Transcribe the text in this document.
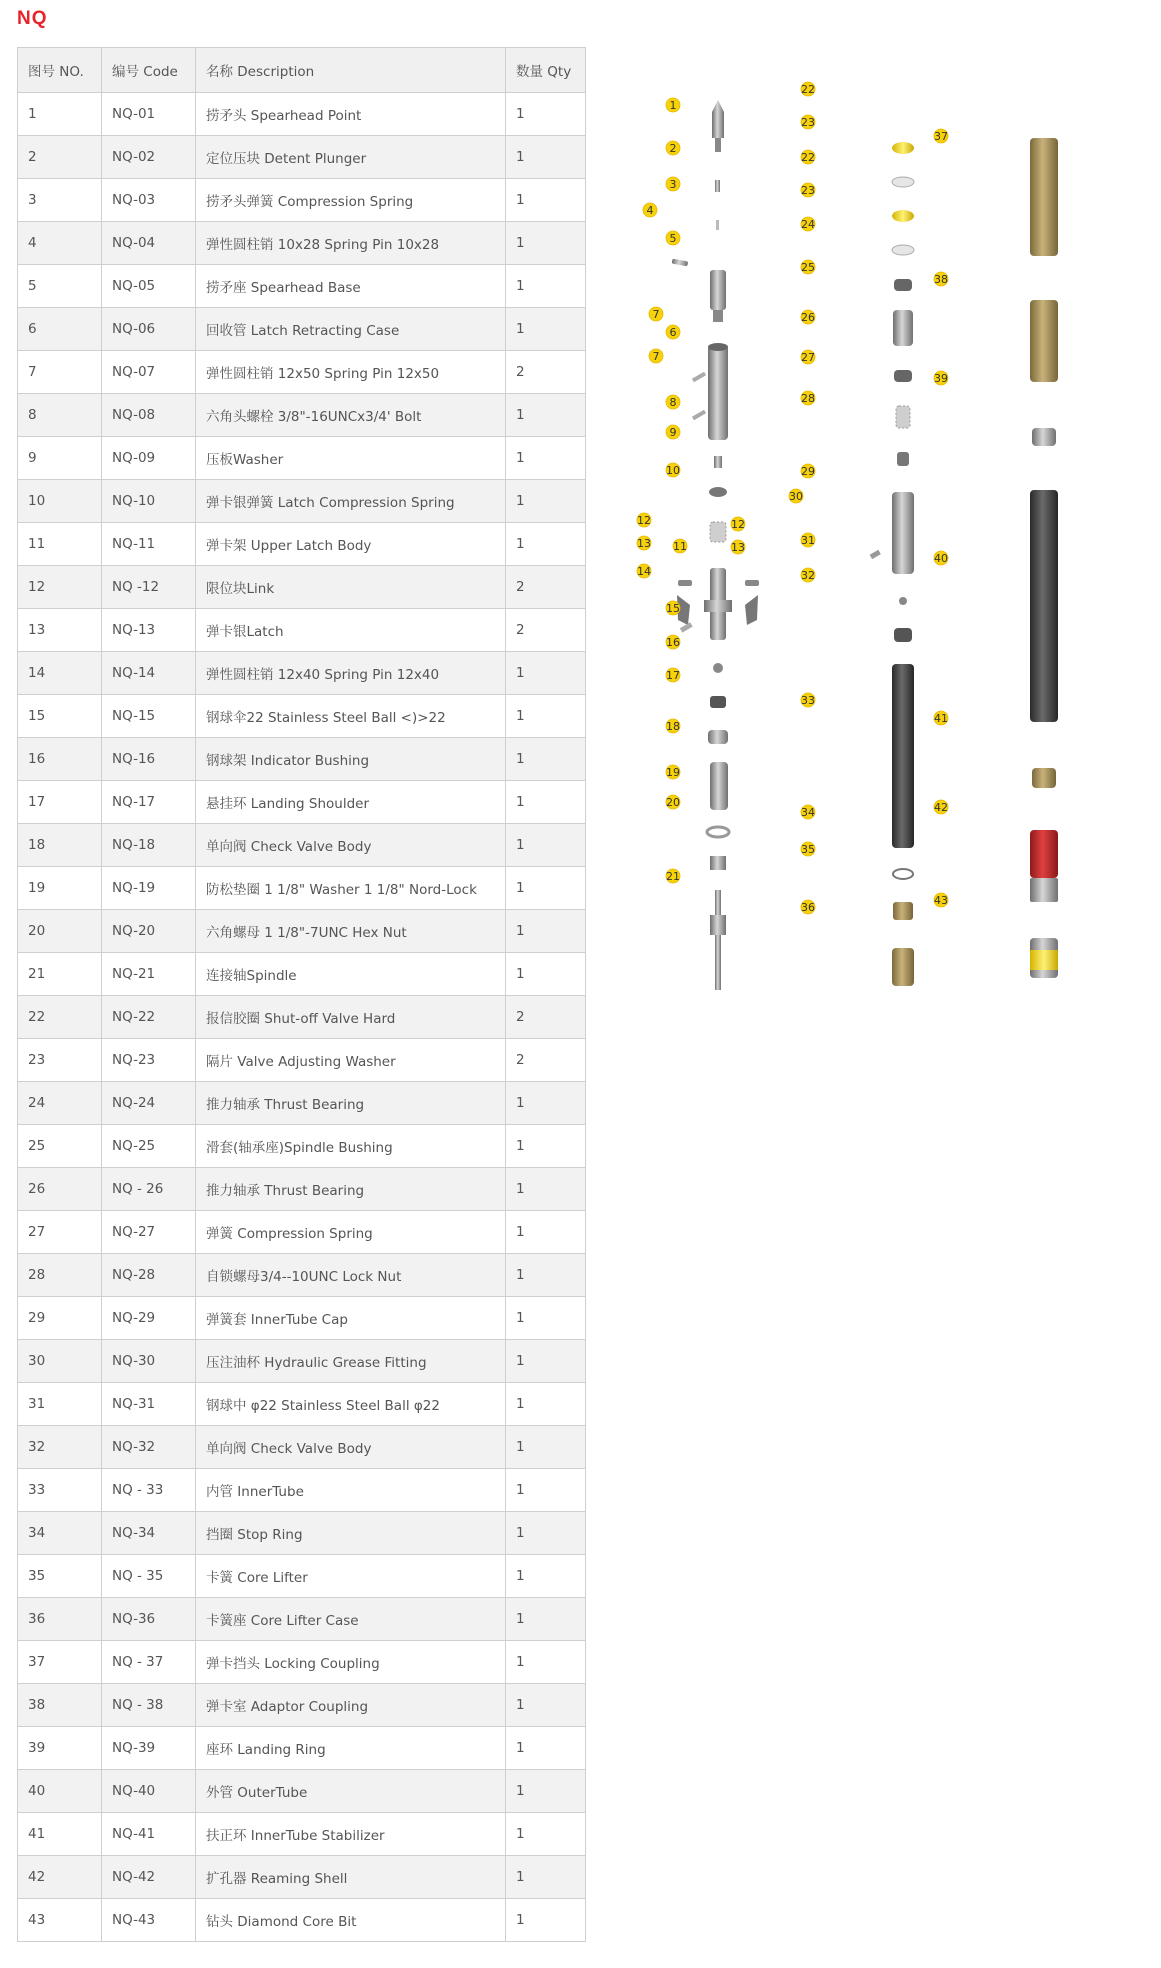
NQ
图号 NO.	编号 Code	名称 Description	数量 Qty
1	NQ-01	捞矛头 Spearhead Point	1
2	NQ-02	定位压块 Detent Plunger	1
3	NQ-03	捞矛头弹簧 Compression Spring	1
4	NQ-04	弹性圆柱销 10x28 Spring Pin 10x28	1
5	NQ-05	捞矛座 Spearhead Base	1
6	NQ-06	回收管 Latch Retracting Case	1
7	NQ-07	弹性圆柱销 12x50 Spring Pin 12x50	2
8	NQ-08	六角头螺栓 3/8"-16UNCx3/4' Bolt	1
9	NQ-09	压板Washer	1
10	NQ-10	弹卡银弹簧 Latch Compression Spring	1
11	NQ-11	弹卡架 Upper Latch Body	1
12	NQ -12	限位块Link	2
13	NQ-13	弹卡银Latch	2
14	NQ-14	弹性圆柱销 12x40 Spring Pin 12x40	1
15	NQ-15	钢球伞22 Stainless Steel Ball <)>22	1
16	NQ-16	钢球架 Indicator Bushing	1
17	NQ-17	悬挂环 Landing Shoulder	1
18	NQ-18	单向阀 Check Valve Body	1
19	NQ-19	防松垫圈 1 1/8" Washer 1 1/8" Nord-Lock	1
20	NQ-20	六角螺母 1 1/8"-7UNC Hex Nut	1
21	NQ-21	连接轴Spindle	1
22	NQ-22	报信胶圈 Shut-off Valve Hard	2
23	NQ-23	隔片 Valve Adjusting Washer	2
24	NQ-24	推力轴承 Thrust Bearing	1
25	NQ-25	滑套(轴承座)Spindle Bushing	1
26	NQ - 26	推力轴承 Thrust Bearing	1
27	NQ-27	弹簧 Compression Spring	1
28	NQ-28	自锁螺母3/4--10UNC Lock Nut	1
29	NQ-29	弹簧套 InnerTube Cap	1
30	NQ-30	压注油杯 Hydraulic Grease Fitting	1
31	NQ-31	钢球中 φ22 Stainless Steel Ball φ22	1
32	NQ-32	单向阀 Check Valve Body	1
33	NQ - 33	内管 InnerTube	1
34	NQ-34	挡圈 Stop Ring	1
35	NQ - 35	卡簧 Core Lifter	1
36	NQ-36	卡簧座 Core Lifter Case	1
37	NQ - 37	弹卡挡头 Locking Coupling	1
38	NQ - 38	弹卡室 Adaptor Coupling	1
39	NQ-39	座环 Landing Ring	1
40	NQ-40	外管 OuterTube	1
41	NQ-41	扶正环 InnerTube Stabilizer	1
42	NQ-42	扩孔器 Reaming Shell	1
43	NQ-43	钻头 Diamond Core Bit	1
1
2
3
4
5
6
7
7
8
9
10
11
12	12
13	13
14
15
16
17
18
19
20
21
22
23
22
23
24
25
26
27
28
29
30
31
32
33
34
35
36
37
38
39
40
41
42
43
